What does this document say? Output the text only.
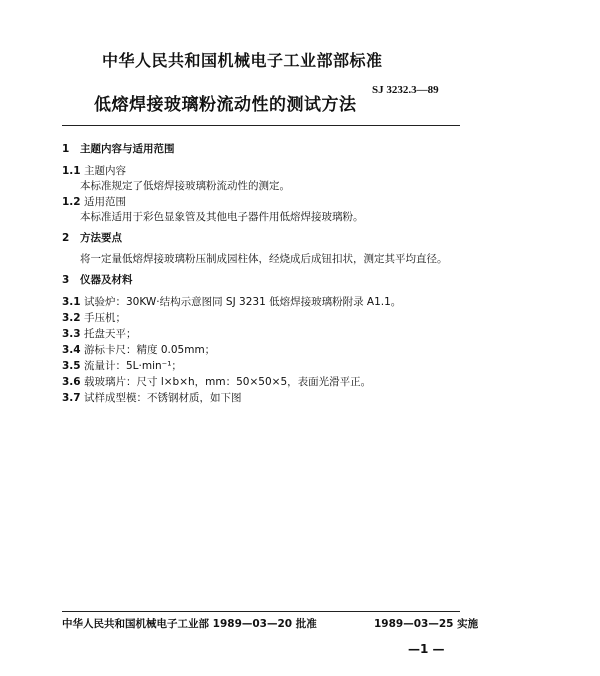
中华人民共和国机械电子工业部部标准
低熔焊接玻璃粉流动性的测试方法
SJ 3232.3—89
1 主题内容与适用范围
1.1 主题内容
本标准规定了低熔焊接玻璃粉流动性的测定。
1.2 适用范围
本标准适用于彩色显象管及其他电子器件用低熔焊接玻璃粉。
2 方法要点
将一定量低熔焊接玻璃粉压制成园柱体，经烧成后成钮扣状，测定其平均直径。
3 仪器及材料
3.1 试验炉：30KW·结构示意图同 SJ 3231 低熔焊接玻璃粉附录 A1.1。
3.2 手压机；
3.3 托盘天平；
3.4 游标卡尺：精度 0.05mm；
3.5 流量计：5L·min⁻¹；
3.6 载玻璃片：尺寸 l×b×h，mm：50×50×5，表面光滑平正。
3.7 试样成型模：不锈钢材质，如下图
中华人民共和国机械电子工业部 1989—03—20 批准	1989—03—25 实施
—1 —
